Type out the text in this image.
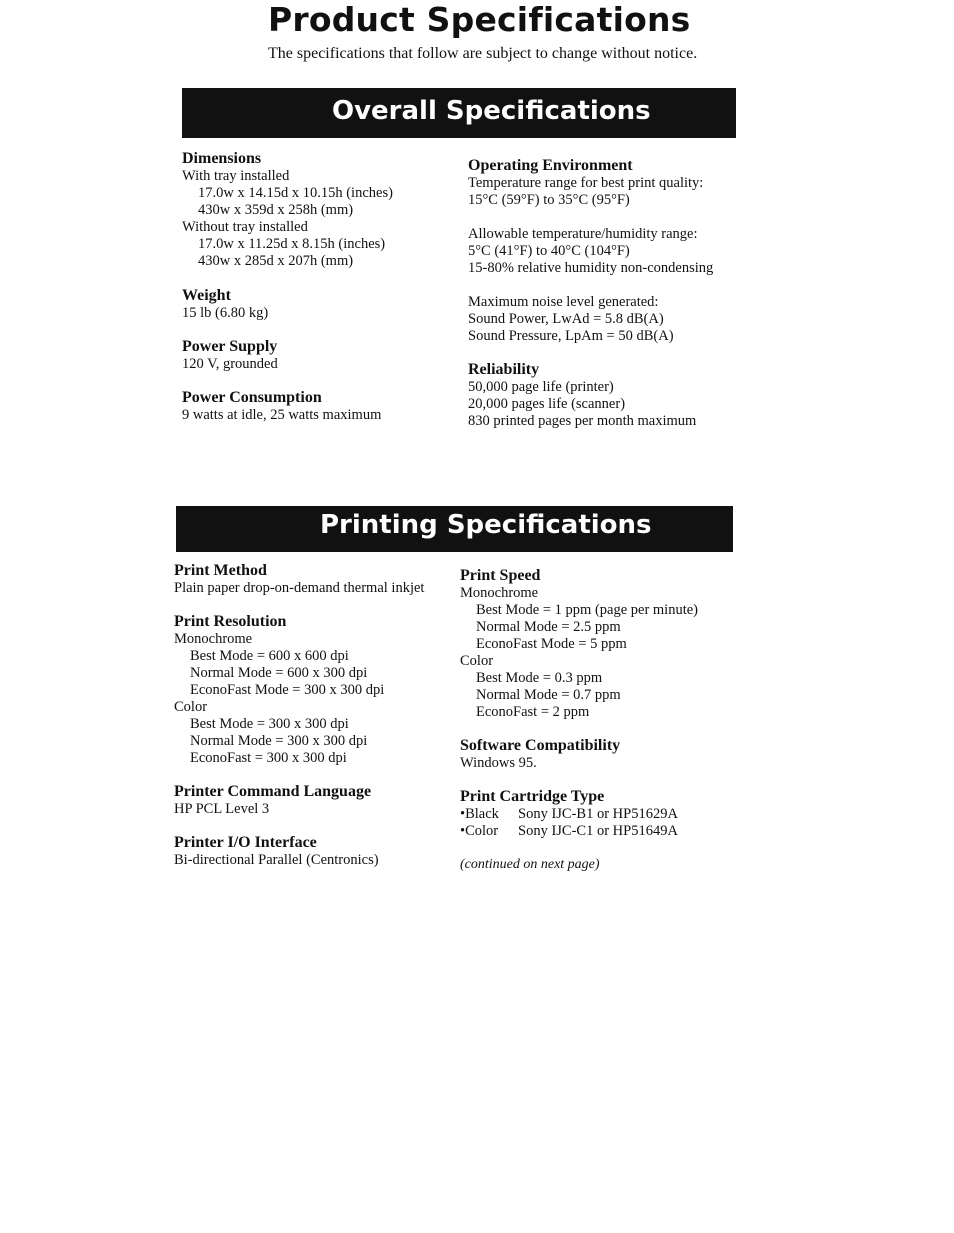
Product Specifications
The specifications that follow are subject to change without notice.
Overall Specifications

Dimensions

With tray installed

17.0w x 14.15d x 10.15h (inches)

430w x 359d x 258h (mm)

Without tray installed

17.0w x 11.25d x 8.15h (inches)

430w x 285d x 207h (mm)

Weight

15 lb (6.80 kg)

Power Supply

120 V, grounded

Power Consumption

9 watts at idle, 25 watts maximum

Operating Environment

Temperature range for best print quality:

15°C (59°F) to 35°C (95°F)

Allowable temperature/humidity range:

5°C (41°F) to 40°C (104°F)

15-80% relative humidity non-condensing

Maximum noise level generated:

Sound Power, LwAd = 5.8 dB(A)

Sound Pressure, LpAm = 50 dB(A)

Reliability

50,000 page life (printer)

20,000 pages life (scanner)

830 printed pages per month maximum

Printing Specifications

Print Method

Plain paper drop-on-demand thermal inkjet

Print Resolution

Monochrome

Best Mode = 600 x 600 dpi

Normal Mode = 600 x 300 dpi

EconoFast Mode = 300 x 300 dpi

Color

Best Mode = 300 x 300 dpi

Normal Mode = 300 x 300 dpi

EconoFast = 300 x 300 dpi

Printer Command Language

HP PCL Level 3

Printer I/O Interface

Bi-directional Parallel (Centronics)

Print Speed

Monochrome

Best Mode = 1 ppm (page per minute)

Normal Mode = 2.5 ppm

EconoFast Mode = 5 ppm

Color

Best Mode = 0.3 ppm

Normal Mode = 0.7 ppm

EconoFast = 2 ppm

Software Compatibility

Windows 95.

Print Cartridge Type

•Black	Sony IJC-B1 or HP51629A
•Color	Sony IJC-C1 or HP51649A

(continued on next page)
